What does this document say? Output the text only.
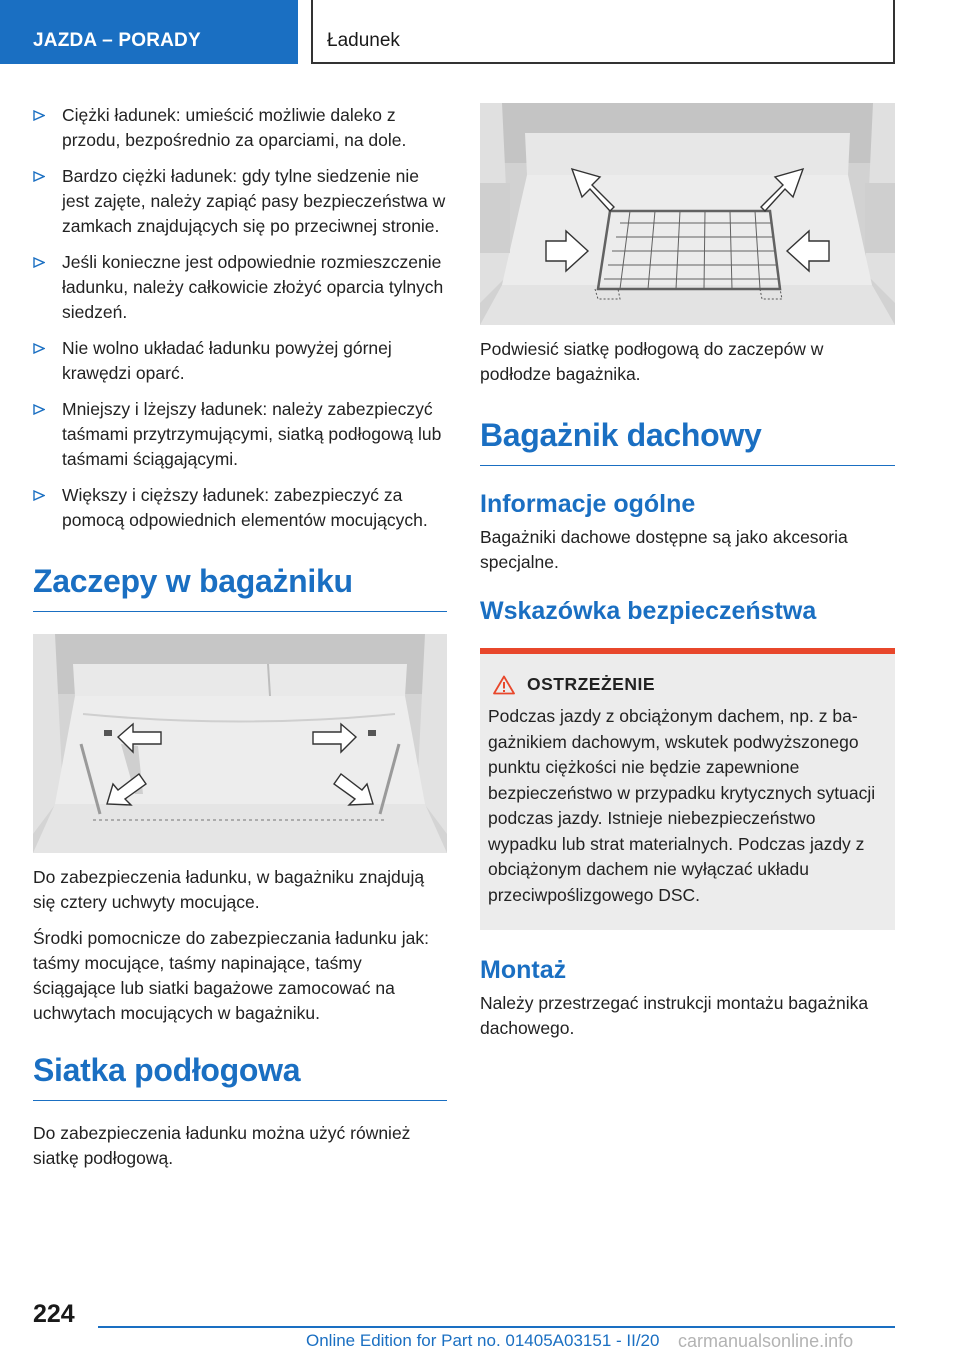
JAZDA – PORADY	Ładunek
Ciężki ładunek: umieścić możliwie daleko z przodu, bezpośrednio za oparciami, na dole.
Bardzo ciężki ładunek: gdy tylne siedzenie nie jest zajęte, należy zapiąć pasy bezpieczeństwa w zamkach znajdujących się po przeciwnej stronie.
Jeśli konieczne jest odpowiednie rozmieszczenie ładunku, należy całkowicie złożyć oparcia tylnych siedzeń.
Nie wolno układać ładunku powyżej górnej krawędzi oparć.
Mniejszy i lżejszy ładunek: należy zabezpieczyć taśmami przytrzymującymi, siatką podłogową lub taśmami ściągającymi.
Większy i cięższy ładunek: zabezpieczyć za pomocą odpowiednich elementów mocujących.
Zaczepy w bagażniku

Do zabezpieczenia ładunku, w bagażniku znajdują się cztery uchwyty mocujące.

Środki pomocnicze do zabezpieczania ładunku jak: taśmy mocujące, taśmy napinające, taśmy ściągające lub siatki bagażowe zamocować na uchwytach mocujących w bagażniku.

Siatka podłogowa

Do zabezpieczenia ładunku można użyć również siatkę podłogową.

Podwiesić siatkę podłogową do zaczepów w podłodze bagażnika.

Bagażnik dachowy
Informacje ogólne

Bagażniki dachowe dostępne są jako akcesoria specjalne.

Wskazówka bezpieczeństwa
OSTRZEŻENIE

Podczas jazdy z obciążonym dachem, np. z bagażnikiem dachowym, wskutek podwyższonego punktu ciężkości nie będzie zapewnione bezpieczeństwo w przypadku krytycznych sytuacji podczas jazdy. Istnieje niebezpieczeństwo wypadku lub strat materialnych. Podczas jazdy z obciążonym dachem nie wyłączać układu przeciwpoślizgowego DSC.

Montaż

Należy przestrzegać instrukcji montażu bagażnika dachowego.

224
Online Edition for Part no. 01405A03151 - II/20 carmanualsonline.info
